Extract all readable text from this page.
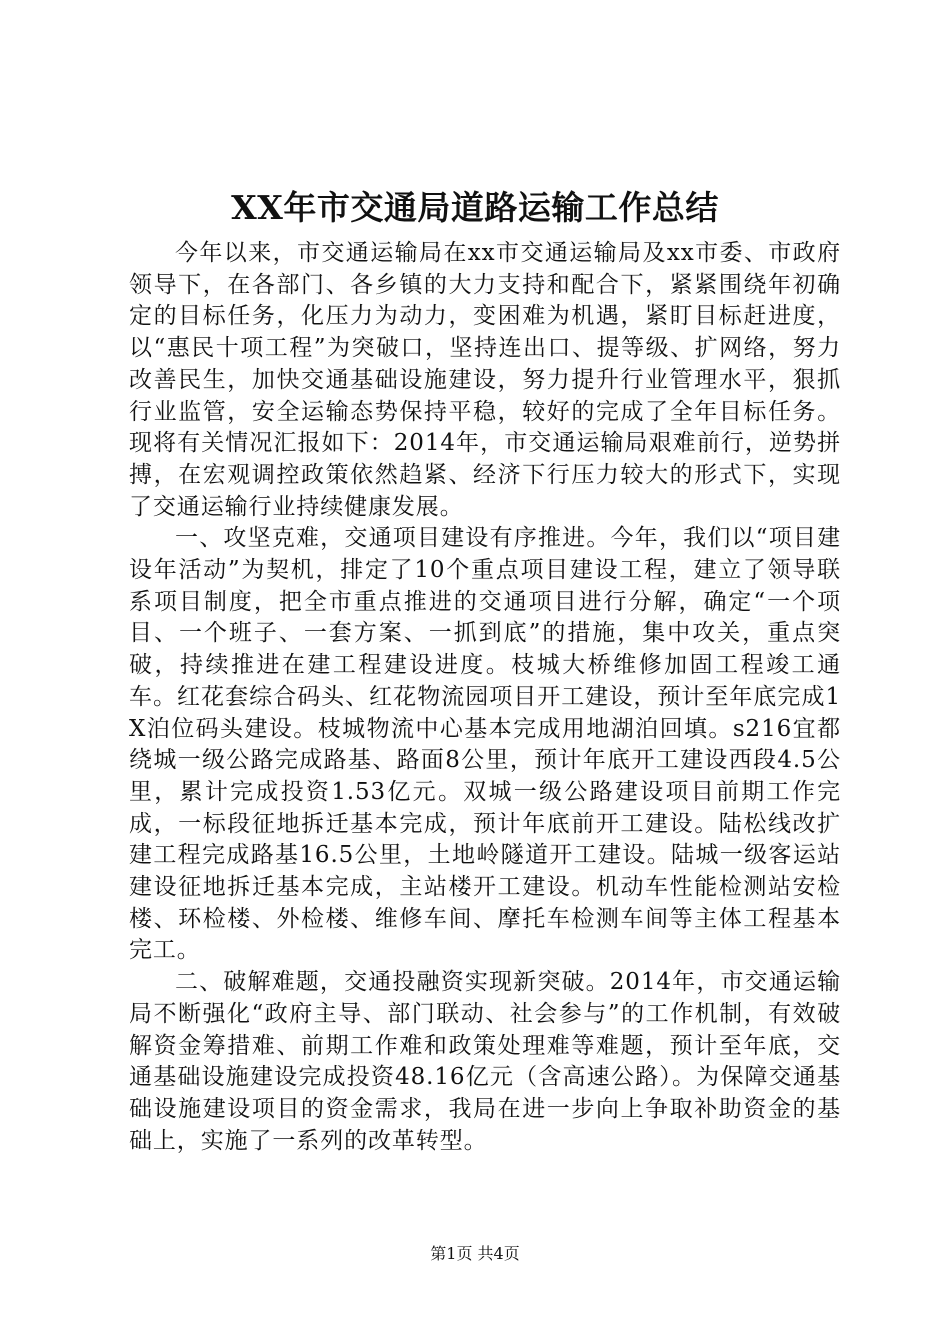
XX年市交通局道路运输工作总结

今年以来，市交通运输局在xx市交通运输局及xx市委、市政府领导下，在各部门、各乡镇的大力支持和配合下，紧紧围绕年初确定的目标任务，化压力为动力，变困难为机遇，紧盯目标赶进度，以“惠民十项工程”为突破口，坚持连出口、提等级、扩网络，努力改善民生，加快交通基础设施建设，努力提升行业管理水平，狠抓行业监管，安全运输态势保持平稳，较好的完成了全年目标任务。现将有关情况汇报如下：2014年，市交通运输局艰难前行，逆势拼搏，在宏观调控政策依然趋紧、经济下行压力较大的形式下，实现了交通运输行业持续健康发展。

一、攻坚克难，交通项目建设有序推进。今年，我们以“项目建设年活动”为契机，排定了10个重点项目建设工程，建立了领导联系项目制度，把全市重点推进的交通项目进行分解，确定“一个项目、一个班子、一套方案、一抓到底”的措施，集中攻关，重点突破，持续推进在建工程建设进度。枝城大桥维修加固工程竣工通车。红花套综合码头、红花物流园项目开工建设，预计至年底完成1X泊位码头建设。枝城物流中心基本完成用地湖泊回填。s216宜都绕城一级公路完成路基、路面8公里，预计年底开工建设西段4.5公里，累计完成投资1.53亿元。双城一级公路建设项目前期工作完成，一标段征地拆迁基本完成，预计年底前开工建设。陆松线改扩建工程完成路基16.5公里，土地岭隧道开工建设。陆城一级客运站建设征地拆迁基本完成，主站楼开工建设。机动车性能检测站安检楼、环检楼、外检楼、维修车间、摩托车检测车间等主体工程基本完工。

二、破解难题，交通投融资实现新突破。2014年，市交通运输局不断强化“政府主导、部门联动、社会参与”的工作机制，有效破解资金筹措难、前期工作难和政策处理难等难题，预计至年底，交通基础设施建设完成投资48.16亿元（含高速公路）。为保障交通基础设施建设项目的资金需求，我局在进一步向上争取补助资金的基础上，实施了一系列的改革转型。

第1页 共4页
